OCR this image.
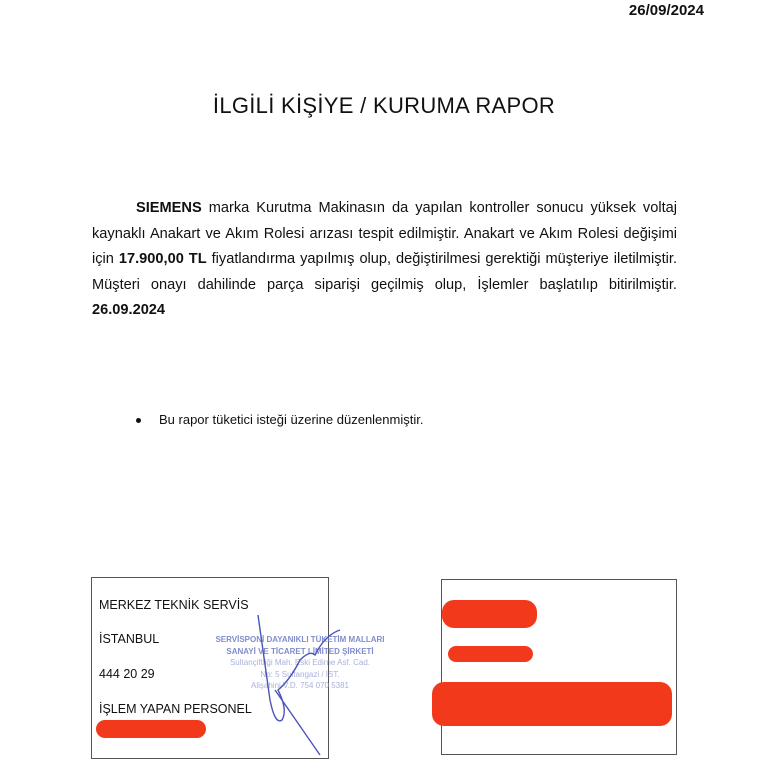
26/09/2024
İLGİLİ KİŞİYE / KURUMA RAPOR
SIEMENS marka Kurutma Makinasın da yapılan kontroller sonucu yüksek voltaj kaynaklı Anakart ve Akım Rolesi arızası tespit edilmiştir. Anakart ve Akım Rolesi değişimi için 17.900,00 TL fiyatlandırma yapılmış olup, değiştirilmesi gerektiği müşteriye iletilmiştir. Müşteri onayı dahilinde parça siparişi geçilmiş olup, İşlemler başlatılıp bitirilmiştir. 26.09.2024
Bu rapor tüketici isteği üzerine düzenlenmiştir.
MERKEZ TEKNİK SERVİS
İSTANBUL
444 20 29
İŞLEM YAPAN PERSONEL
SERVİSPONİ DAYANIKLI TÜKETİM MALLARI
SANAYİ VE TİCARET LİMİTED ŞİRKETİ
Sultançiftliği Mah. Eski Edirne Asf. Cad.
No: 5 Sultangazi / İST.
Alişahini V.D. 754 070 5381
